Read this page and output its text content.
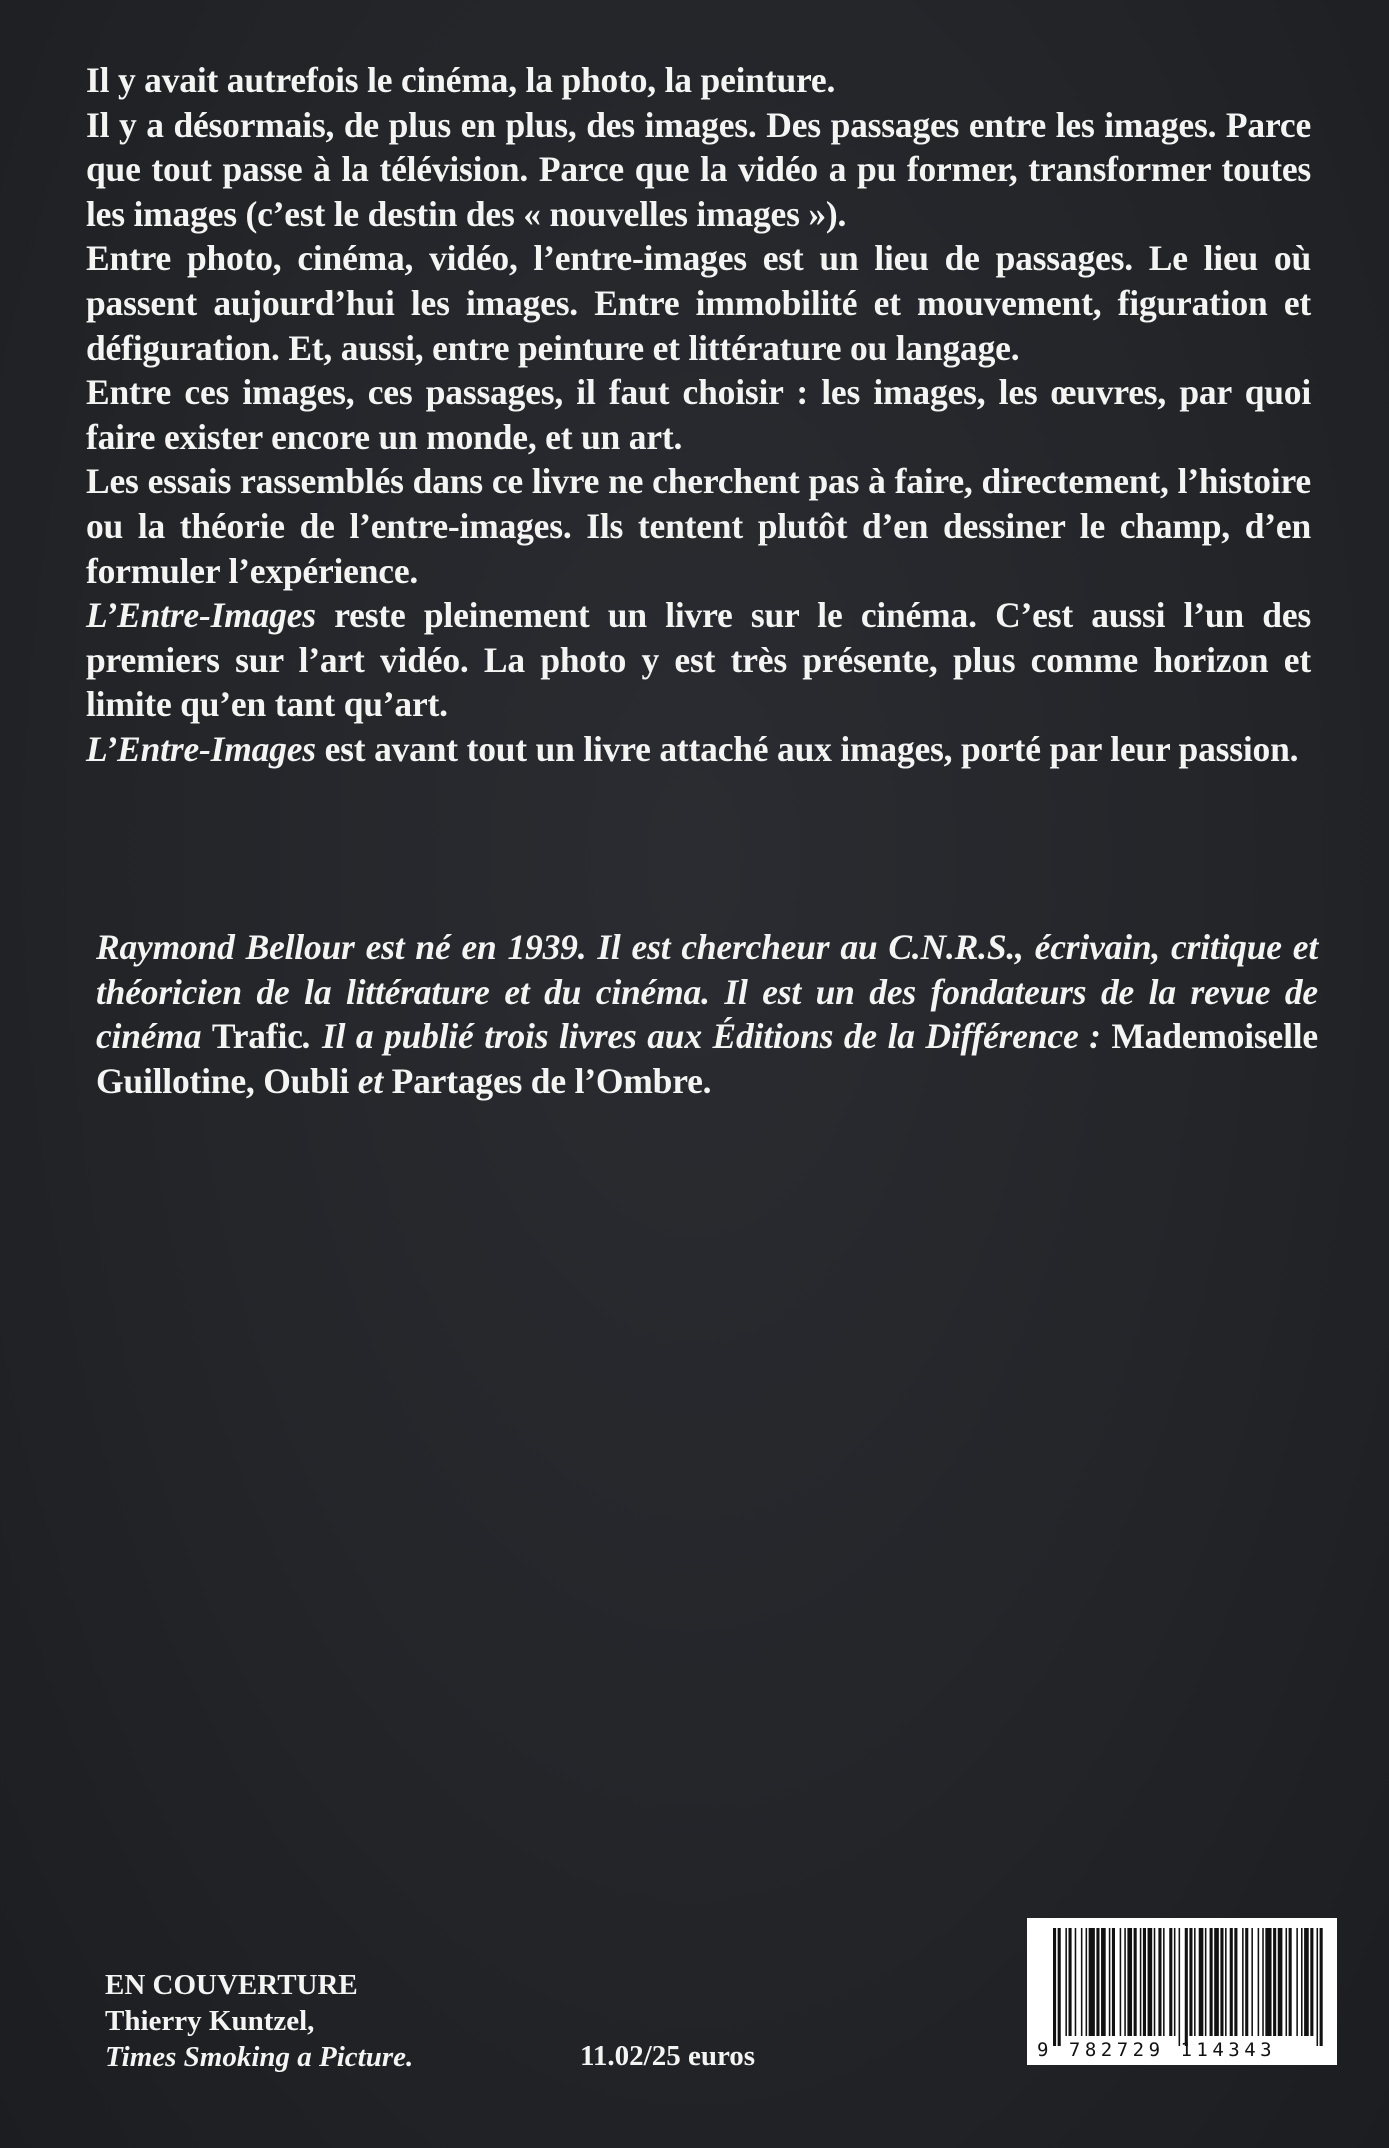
Il y avait autrefois le cinéma, la photo, la peinture.

Il y a désormais, de plus en plus, des images. Des passages entre les images. Parce que tout passe à la télévision. Parce que la vidéo a pu former, transformer toutes les images (c’est le destin des « nouvelles images »).

Entre photo, cinéma, vidéo, l’entre-images est un lieu de passages. Le lieu où passent aujourd’hui les images. Entre immobilité et mouvement, figuration et défiguration. Et, aussi, entre peinture et littérature ou langage.

Entre ces images, ces passages, il faut choisir : les images, les œuvres, par quoi faire exister encore un monde, et un art.

Les essais rassemblés dans ce livre ne cherchent pas à faire, directement, l’histoire ou la théorie de l’entre-images. Ils tentent plutôt d’en dessiner le champ, d’en formuler l’expérience.

L’Entre-Images reste pleinement un livre sur le cinéma. C’est aussi l’un des premiers sur l’art vidéo. La photo y est très présente, plus comme horizon et limite qu’en tant qu’art.

L’Entre-Images est avant tout un livre attaché aux images, porté par leur passion.

Raymond Bellour est né en 1939. Il est chercheur au C.N.R.S., écrivain, critique et théoricien de la littérature et du cinéma. Il est un des fondateurs de la revue de cinéma Trafic. Il a publié trois livres aux Éditions de la Différence : Mademoiselle Guillotine, Oubli et Partages de l’Ombre.

EN COUVERTURE
Thierry Kuntzel,
Times Smoking a Picture.	11.02/25 euros	9 782729 114343
